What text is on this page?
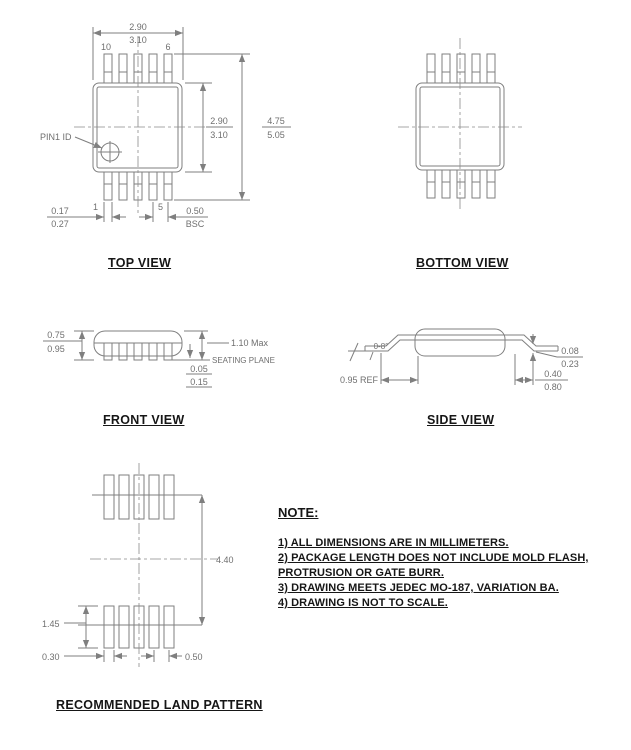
2.90
3.10
2.90
3.10
4.75
5.05
0.17
0.27
0.50
BSC
10	6
1	5
PIN1 ID
0.75
0.95
1.10 Max
SEATING PLANE
0.05
0.15
0-8°
0.95 REF
0.40
0.80
0.08
0.23
4.40
1.45
0.30	0.50
TOP VIEW	BOTTOM VIEW
FRONT VIEW	SIDE VIEW
RECOMMENDED LAND PATTERN
NOTE:
1) ALL DIMENSIONS ARE IN MILLIMETERS.
2) PACKAGE LENGTH DOES NOT INCLUDE MOLD FLASH,
PROTRUSION OR GATE BURR.
3) DRAWING MEETS JEDEC MO-187, VARIATION BA.
4) DRAWING IS NOT TO SCALE.
